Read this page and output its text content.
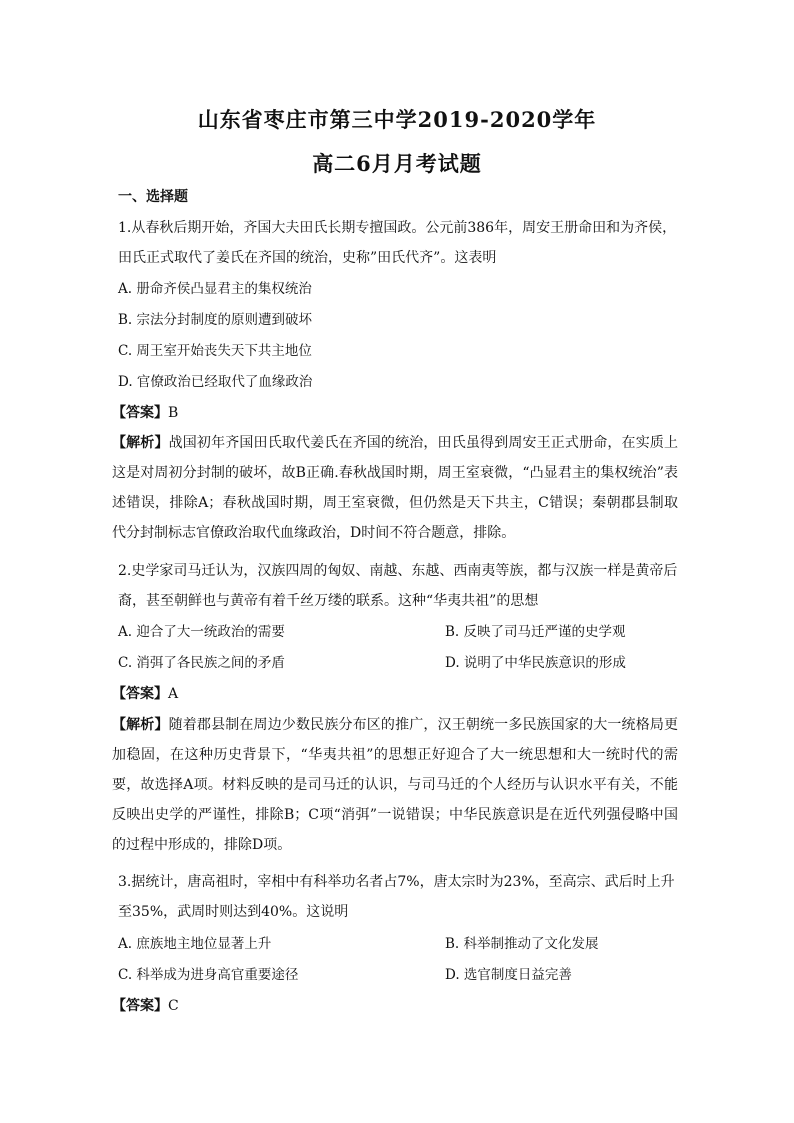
山东省枣庄市第三中学2019-2020学年
高二6月月考试题
一、选择题
1.从春秋后期开始，齐国大夫田氏长期专擅国政。公元前386年，周安王册命田和为齐侯，田氏正式取代了姜氏在齐国的统治，史称”田氏代齐”。这表明
A. 册命齐侯凸显君主的集权统治
B. 宗法分封制度的原则遭到破坏
C. 周王室开始丧失天下共主地位
D. 官僚政治已经取代了血缘政治
【答案】B
【解析】战国初年齐国田氏取代姜氏在齐国的统治，田氏虽得到周安王正式册命，在实质上这是对周初分封制的破坏，故B正确.春秋战国时期，周王室衰微，“凸显君主的集权统治”表述错误，排除A；春秋战国时期，周王室衰微，但仍然是天下共主，C错误；秦朝郡县制取代分封制标志官僚政治取代血缘政治，D时间不符合题意，排除。
2.史学家司马迁认为，汉族四周的匈奴、南越、东越、西南夷等族，都与汉族一样是黄帝后裔，甚至朝鲜也与黄帝有着千丝万缕的联系。这种“华夷共祖”的思想
A. 迎合了大一统政治的需要	B. 反映了司马迁严谨的史学观
C. 消弭了各民族之间的矛盾	D. 说明了中华民族意识的形成
【答案】A
【解析】随着郡县制在周边少数民族分布区的推广，汉王朝统一多民族国家的大一统格局更加稳固，在这种历史背景下，“华夷共祖”的思想正好迎合了大一统思想和大一统时代的需要，故选择A项。材料反映的是司马迁的认识，与司马迁的个人经历与认识水平有关，不能反映出史学的严谨性，排除B；C项“消弭”一说错误；中华民族意识是在近代列强侵略中国的过程中形成的，排除D项。
3.据统计，唐高祖时，宰相中有科举功名者占7%，唐太宗时为23%，至高宗、武后时上升至35%，武周时则达到40%。这说明
A. 庶族地主地位显著上升	B. 科举制推动了文化发展
C. 科举成为进身高官重要途径	D. 选官制度日益完善
【答案】C
